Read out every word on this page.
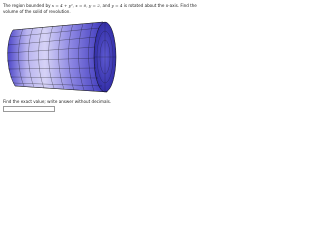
The region bounded by x = 4 + y², x = 0, y = 2, and y = 4 is rotated about the x-axis. Find the volume of the solid of revolution.
Find the exact value; write answer without decimals.
